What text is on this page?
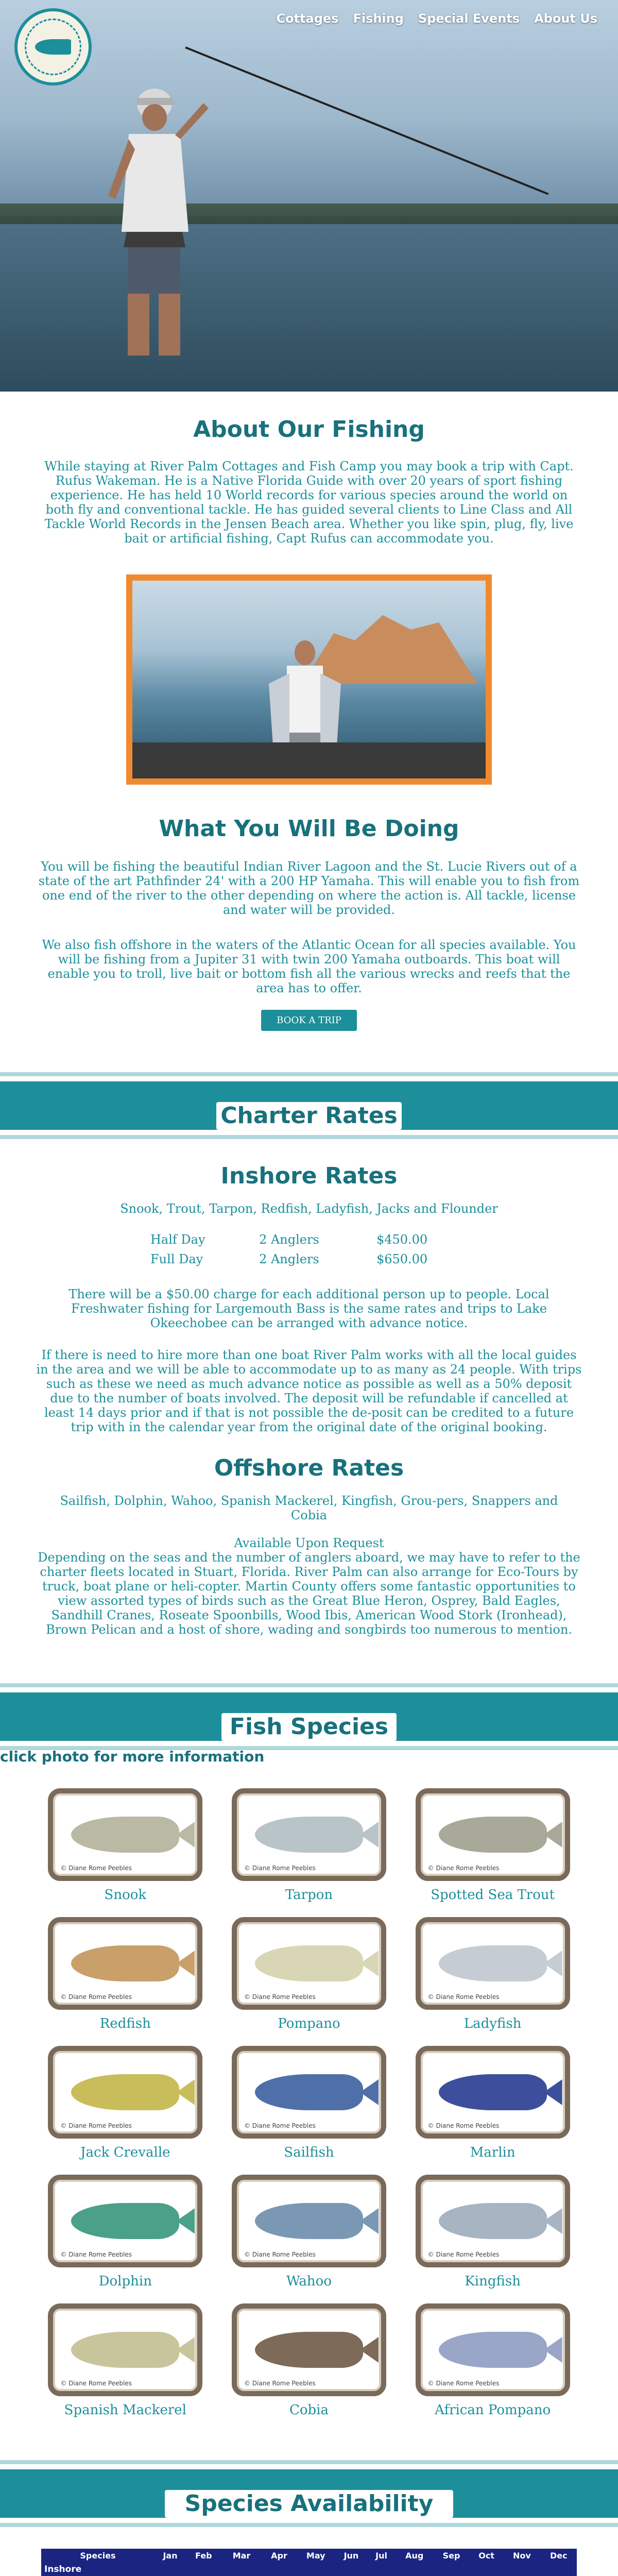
Cottages Fishing Special Events About Us
About Our Fishing

While staying at River Palm Cottages and Fish Camp you may book a trip with Capt. Rufus Wakeman. He is a Native Florida Guide with over 20 years of sport fishing experience. He has held 10 World records for various species around the world on both fly and conventional tackle. He has guided several clients to Line Class and All Tackle World Records in the Jensen Beach area. Whether you like spin, plug, fly, live bait or artificial fishing, Capt Rufus can accommodate you.

What You Will Be Doing

You will be fishing the beautiful Indian River Lagoon and the St. Lucie Rivers out of a state of the art Pathfinder 24' with a 200 HP Yamaha. This will enable you to fish from one end of the river to the other depending on where the action is. All tackle, license and water will be provided.

We also fish offshore in the waters of the Atlantic Ocean for all species available. You will be fishing from a Jupiter 31 with twin 200 Yamaha outboards. This boat will enable you to troll, live bait or bottom fish all the various wrecks and reefs that the area has to offer.

BOOK A TRIP
Charter Rates
Inshore Rates

Snook, Trout, Tarpon, Redfish, Ladyfish, Jacks and Flounder

Half Day	2 Anglers	$450.00
Full Day	2 Anglers	$650.00

There will be a $50.00 charge for each additional person up to people. Local Freshwater fishing for Largemouth Bass is the same rates and trips to Lake Okeechobee can be arranged with advance notice.

If there is need to hire more than one boat River Palm works with all the local guides in the area and we will be able to accommodate up to as many as 24 people. With trips such as these we need as much advance notice as possible as well as a 50% deposit due to the number of boats involved. The deposit will be refundable if cancelled at least 14 days prior and if that is not possible the de-posit can be credited to a future trip with in the calendar year from the original date of the original booking.

Offshore Rates

Sailfish, Dolphin, Wahoo, Spanish Mackerel, Kingfish, Grou-pers, Snappers and Cobia

Available Upon Request

Depending on the seas and the number of anglers aboard, we may have to refer to the charter fleets located in Stuart, Florida. River Palm can also arrange for Eco-Tours by truck, boat plane or heli-copter. Martin County offers some fantastic opportunities to view assorted types of birds such as the Great Blue Heron, Osprey, Bald Eagles, Sandhill Cranes, Roseate Spoonbills, Wood Ibis, American Wood Stork (Ironhead), Brown Pelican and a host of shore, wading and songbirds too numerous to mention.

Fish Species
click photo for more information
© Diane Rome Peebles
Snook
© Diane Rome Peebles
Tarpon
© Diane Rome Peebles
Spotted Sea Trout
© Diane Rome Peebles
Redfish
© Diane Rome Peebles
Pompano
© Diane Rome Peebles
Ladyfish
© Diane Rome Peebles
Jack Crevalle
© Diane Rome Peebles
Sailfish
© Diane Rome Peebles
Marlin
© Diane Rome Peebles
Dolphin
© Diane Rome Peebles
Wahoo
© Diane Rome Peebles
Kingfish
© Diane Rome Peebles
Spanish Mackerel
© Diane Rome Peebles
Cobia
© Diane Rome Peebles
African Pompano
Species Availability
Species	Jan	Feb	Mar	Apr	May	Jun	Jul	Aug	Sep	Oct	Nov	Dec
Inshore												
